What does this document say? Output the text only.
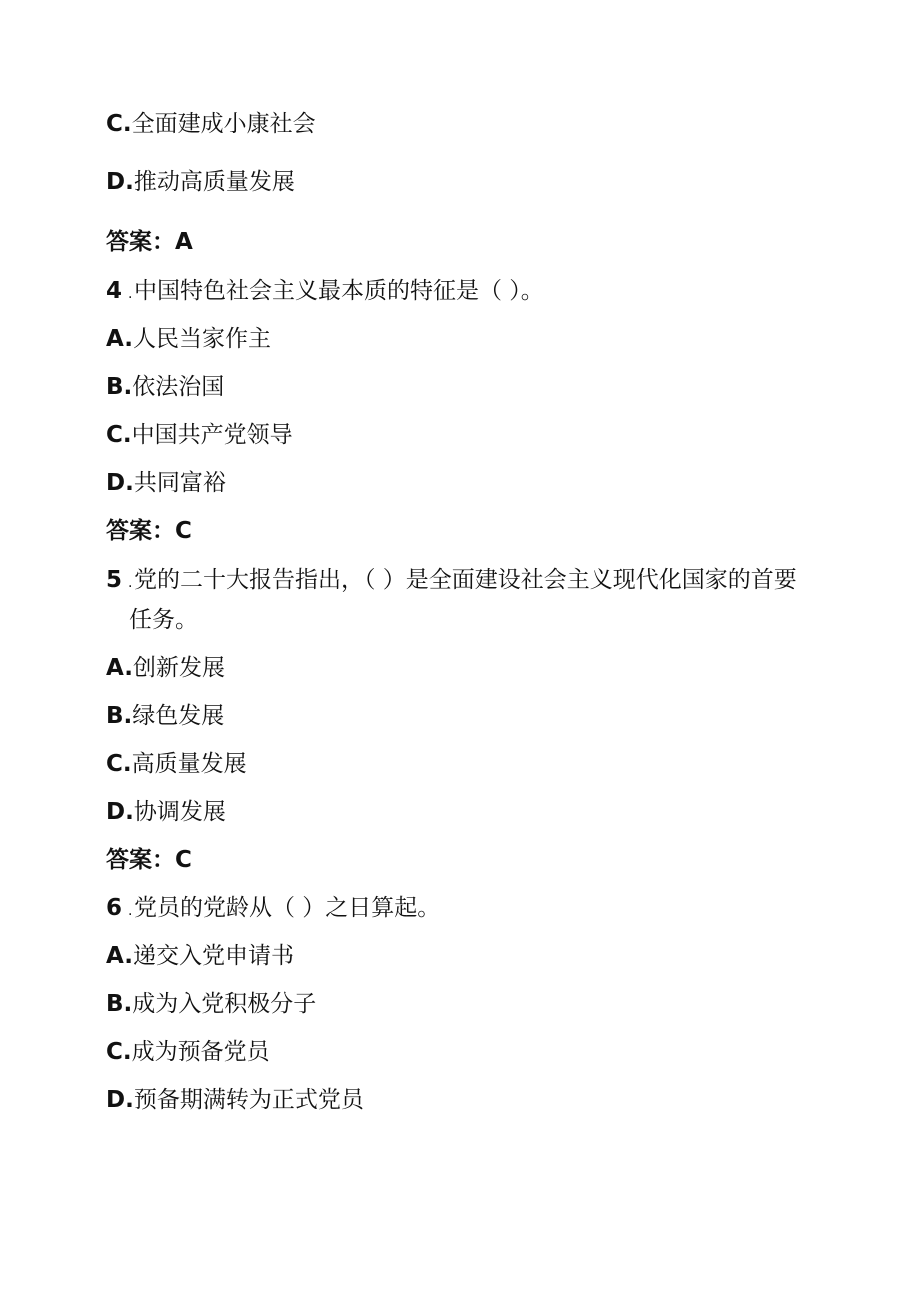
C.全面建成小康社会
D.推动高质量发展
答案：A
4 .中国特色社会主义最本质的特征是（ ）。
A.人民当家作主
B.依法治国
C.中国共产党领导
D.共同富裕
答案：C
5 .党的二十大报告指出，（ ）是全面建设社会主义现代化国家的首要
任务。
A.创新发展
B.绿色发展
C.高质量发展
D.协调发展
答案：C
6 .党员的党龄从（ ）之日算起。
A.递交入党申请书
B.成为入党积极分子
C.成为预备党员
D.预备期满转为正式党员
